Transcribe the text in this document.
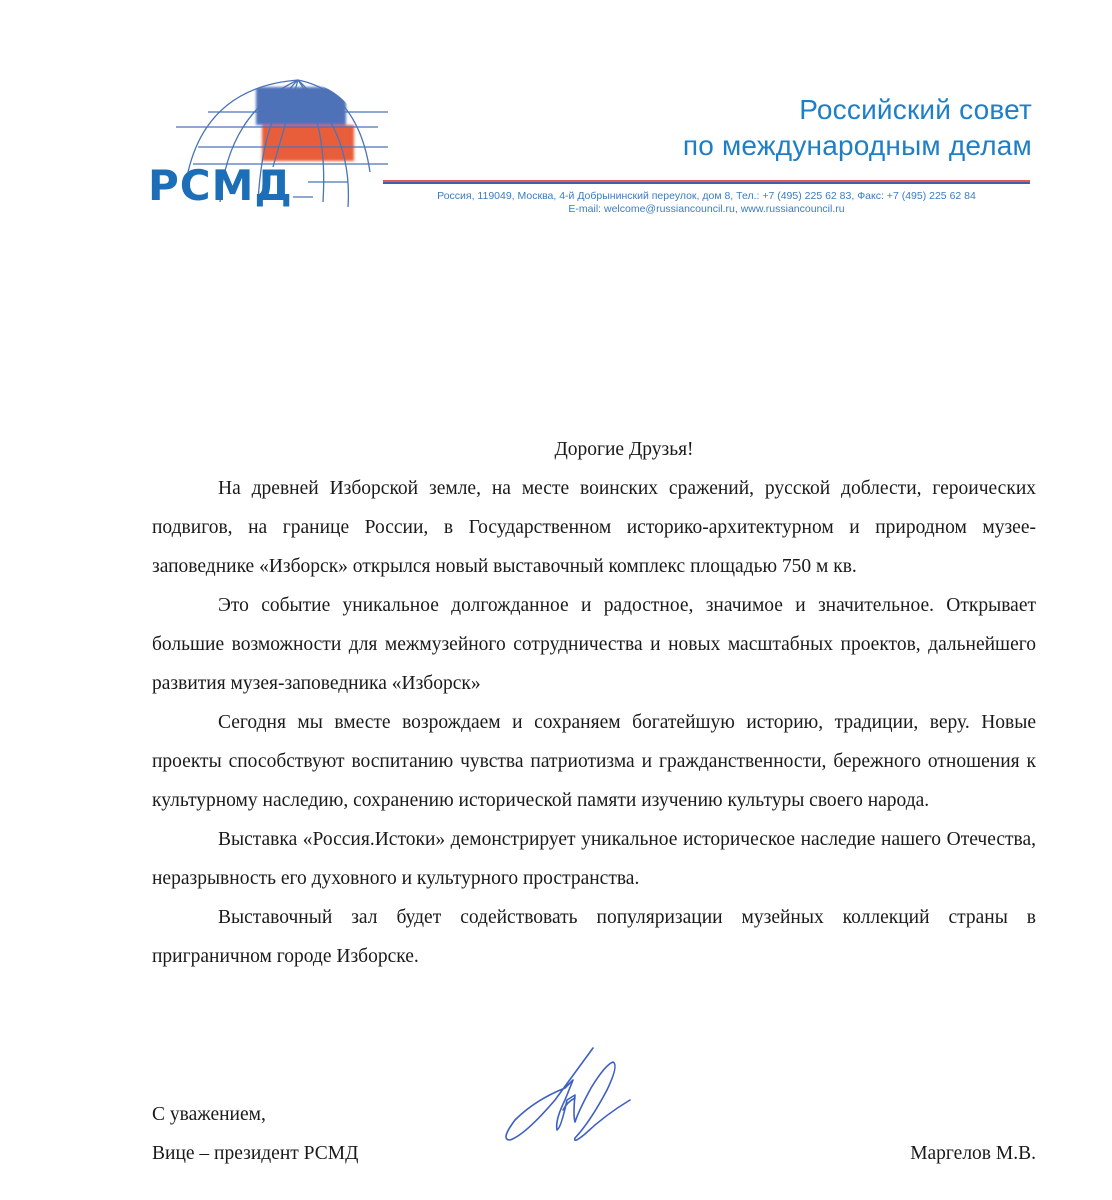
РСМД
Российский совет
по международным делам
Россия, 119049, Москва, 4-й Добрынинский переулок, дом 8, Тел.: +7 (495) 225 62 83, Факс: +7 (495) 225 62 84
E-mail: welcome@russiancouncil.ru, www.russiancouncil.ru

Дорогие Друзья!

На древней Изборской земле, на месте воинских сражений, русской доблести, героических подвигов, на границе России, в Государственном историко-архитектурном и природном музее-заповеднике «Изборск» открылся новый выставочный комплекс площадью 750 м кв.

Это событие уникальное долгожданное и радостное, значимое и значительное. Открывает большие возможности для межмузейного сотрудничества и новых масштабных проектов, дальнейшего развития музея-заповедника «Изборск»

Сегодня мы вместе возрождаем и сохраняем богатейшую историю, традиции, веру. Новые проекты способствуют воспитанию чувства патриотизма и гражданственности, бережного отношения к культурному наследию, сохранению исторической памяти изучению культуры своего народа.

Выставка «Россия.Истоки» демонстрирует уникальное историческое наследие нашего Отечества, неразрывность его духовного и культурного пространства.

Выставочный зал будет содействовать популяризации музейных коллекций страны в приграничном городе Изборске.

С уважением,
Вице – президент РСМД	Маргелов М.В.
